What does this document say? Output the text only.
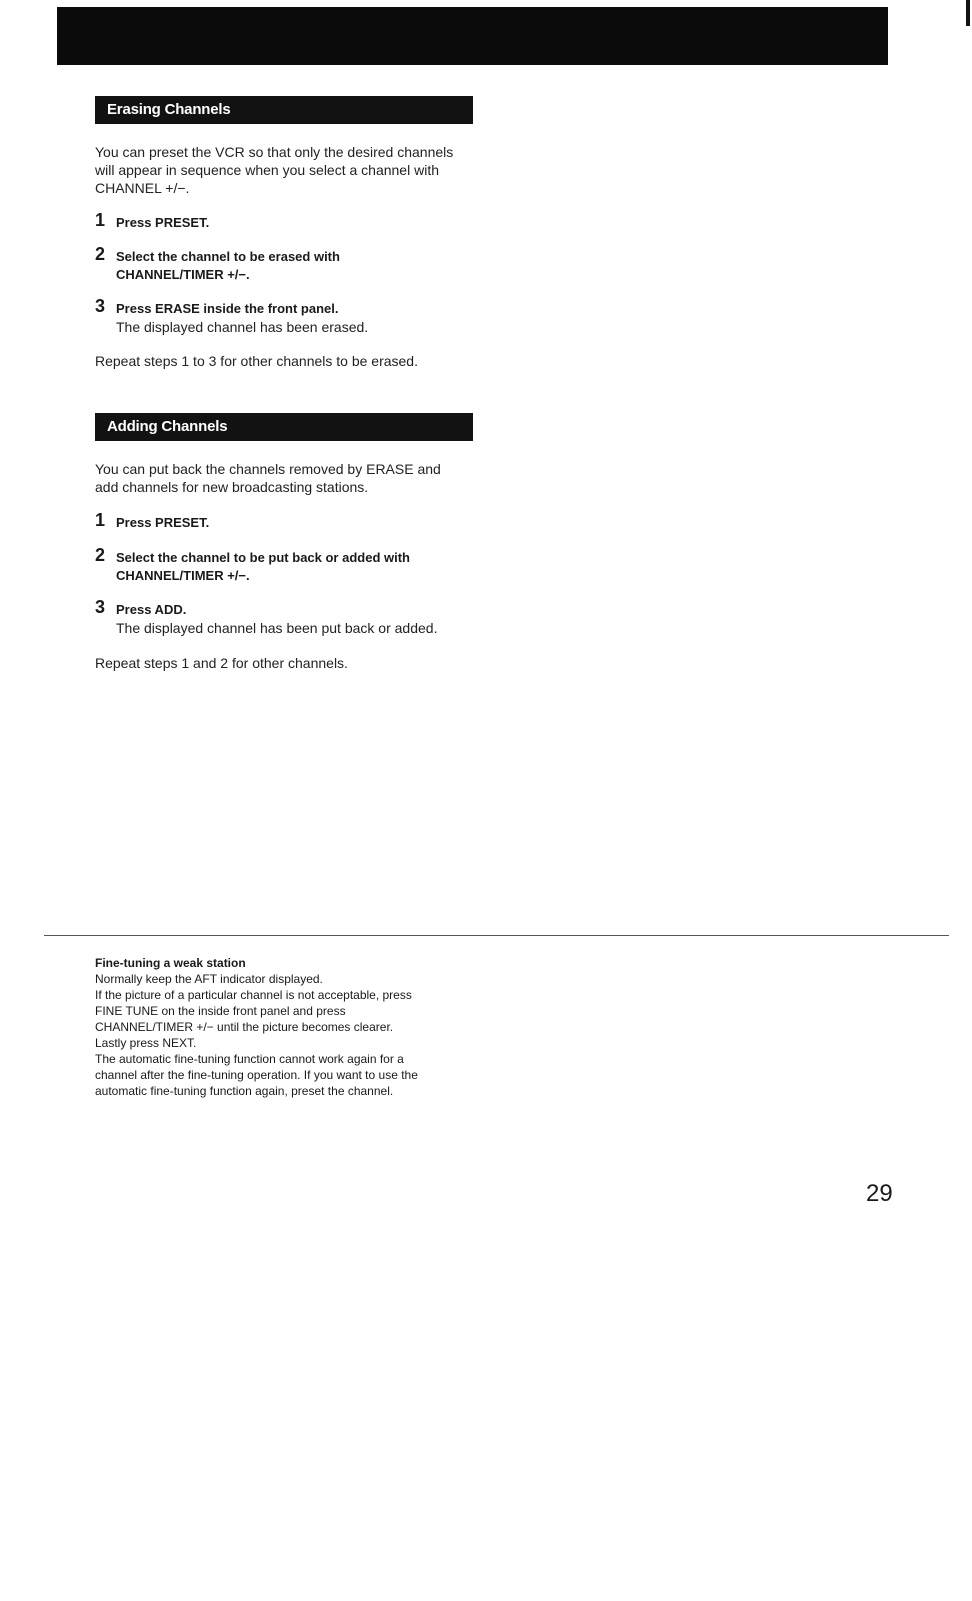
Erasing Channels

You can preset the VCR so that only the desired channels
will appear in sequence when you select a channel with
CHANNEL +/−.

1 Press PRESET.
2 Select the channel to be erased with
CHANNEL/TIMER +/−.
3 Press ERASE inside the front panel.
The displayed channel has been erased.

Repeat steps 1 to 3 for other channels to be erased.

Adding Channels

You can put back the channels removed by ERASE and
add channels for new broadcasting stations.

1 Press PRESET.
2 Select the channel to be put back or added with
CHANNEL/TIMER +/−.
3 Press ADD.
The displayed channel has been put back or added.

Repeat steps 1 and 2 for other channels.

Fine-tuning a weak station
Normally keep the AFT indicator displayed.
If the picture of a particular channel is not acceptable, press
FINE TUNE on the inside front panel and press
CHANNEL/TIMER +/− until the picture becomes clearer.
Lastly press NEXT.
The automatic fine-tuning function cannot work again for a
channel after the fine-tuning operation. If you want to use the
automatic fine-tuning function again, preset the channel.
29
